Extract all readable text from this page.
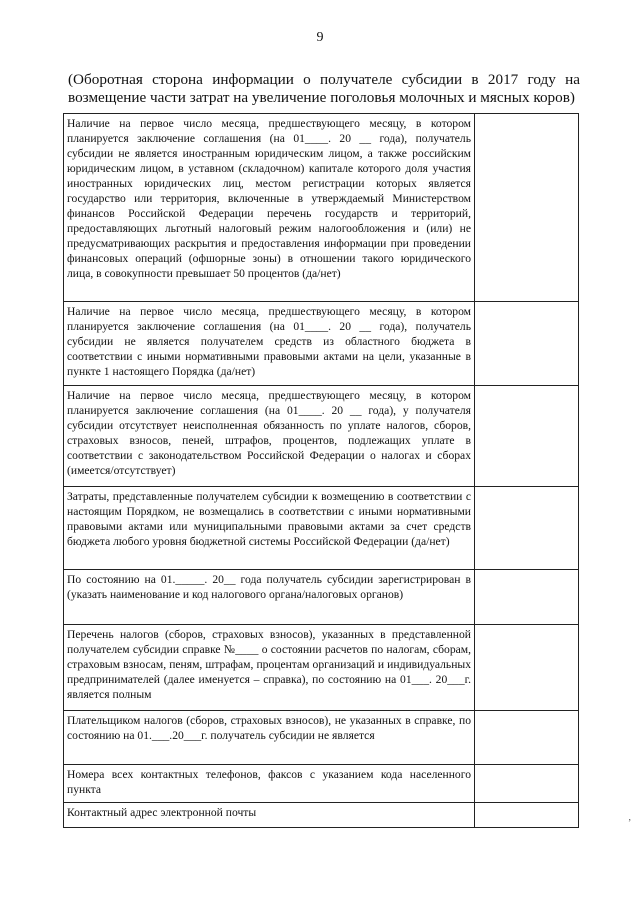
9
(Оборотная сторона информации о получателе субсидии в 2017 году на
возмещение части затрат на увеличение поголовья молочных и мясных коров)
Наличие на первое число месяца, предшествующего месяцу, в котором планируется заключение соглашения (на 01____. 20 __ года), получатель субсидии не является иностранным юридическим лицом, а также российским юридическим лицом, в уставном (складочном) капитале которого доля участия иностранных юридических лиц, местом регистрации которых является государство или территория, включенные в утверждаемый Министерством финансов Российской Федерации перечень государств и территорий, предоставляющих льготный налоговый режим налогообложения и (или) не предусматривающих раскрытия и предоставления информации при проведении финансовых операций (офшорные зоны) в отношении такого юридического лица, в совокупности превышает 50 процентов (да/нет)	
Наличие на первое число месяца, предшествующего месяцу, в котором планируется заключение соглашения (на 01____. 20 __ года), получатель субсидии не является получателем средств из областного бюджета в соответствии с иными нормативными правовыми актами на цели, указанные в пункте 1 настоящего Порядка (да/нет)	
Наличие на первое число месяца, предшествующего месяцу, в котором планируется заключение соглашения (на 01____. 20 __ года), у получателя субсидии отсутствует неисполненная обязанность по уплате налогов, сборов, страховых взносов, пеней, штрафов, процентов, подлежащих уплате в соответствии с законодательством Российской Федерации о налогах и сборах (имеется/отсутствует)	
Затраты, представленные получателем субсидии к возмещению в соответствии с настоящим Порядком, не возмещались в соответствии с иными нормативными правовыми актами или муниципальными правовыми актами за счет средств бюджета любого уровня бюджетной системы Российской Федерации (да/нет)	
По состоянию на 01._____. 20__ года получатель субсидии зарегистрирован в (указать наименование и код налогового органа/налоговых органов)	
Перечень налогов (сборов, страховых взносов), указанных в представленной получателем субсидии справке №____ о состоянии расчетов по налогам, сборам, страховым взносам, пеням, штрафам, процентам организаций и индивидуальных предпринимателей (далее именуется – справка), по состоянию на 01___. 20___г. является полным	
Плательщиком налогов (сборов, страховых взносов), не указанных в справке, по состоянию на 01.___.20___г. получатель субсидии не является	
Номера всех контактных телефонов, факсов с указанием кода населенного пункта	
Контактный адрес электронной почты		‚
